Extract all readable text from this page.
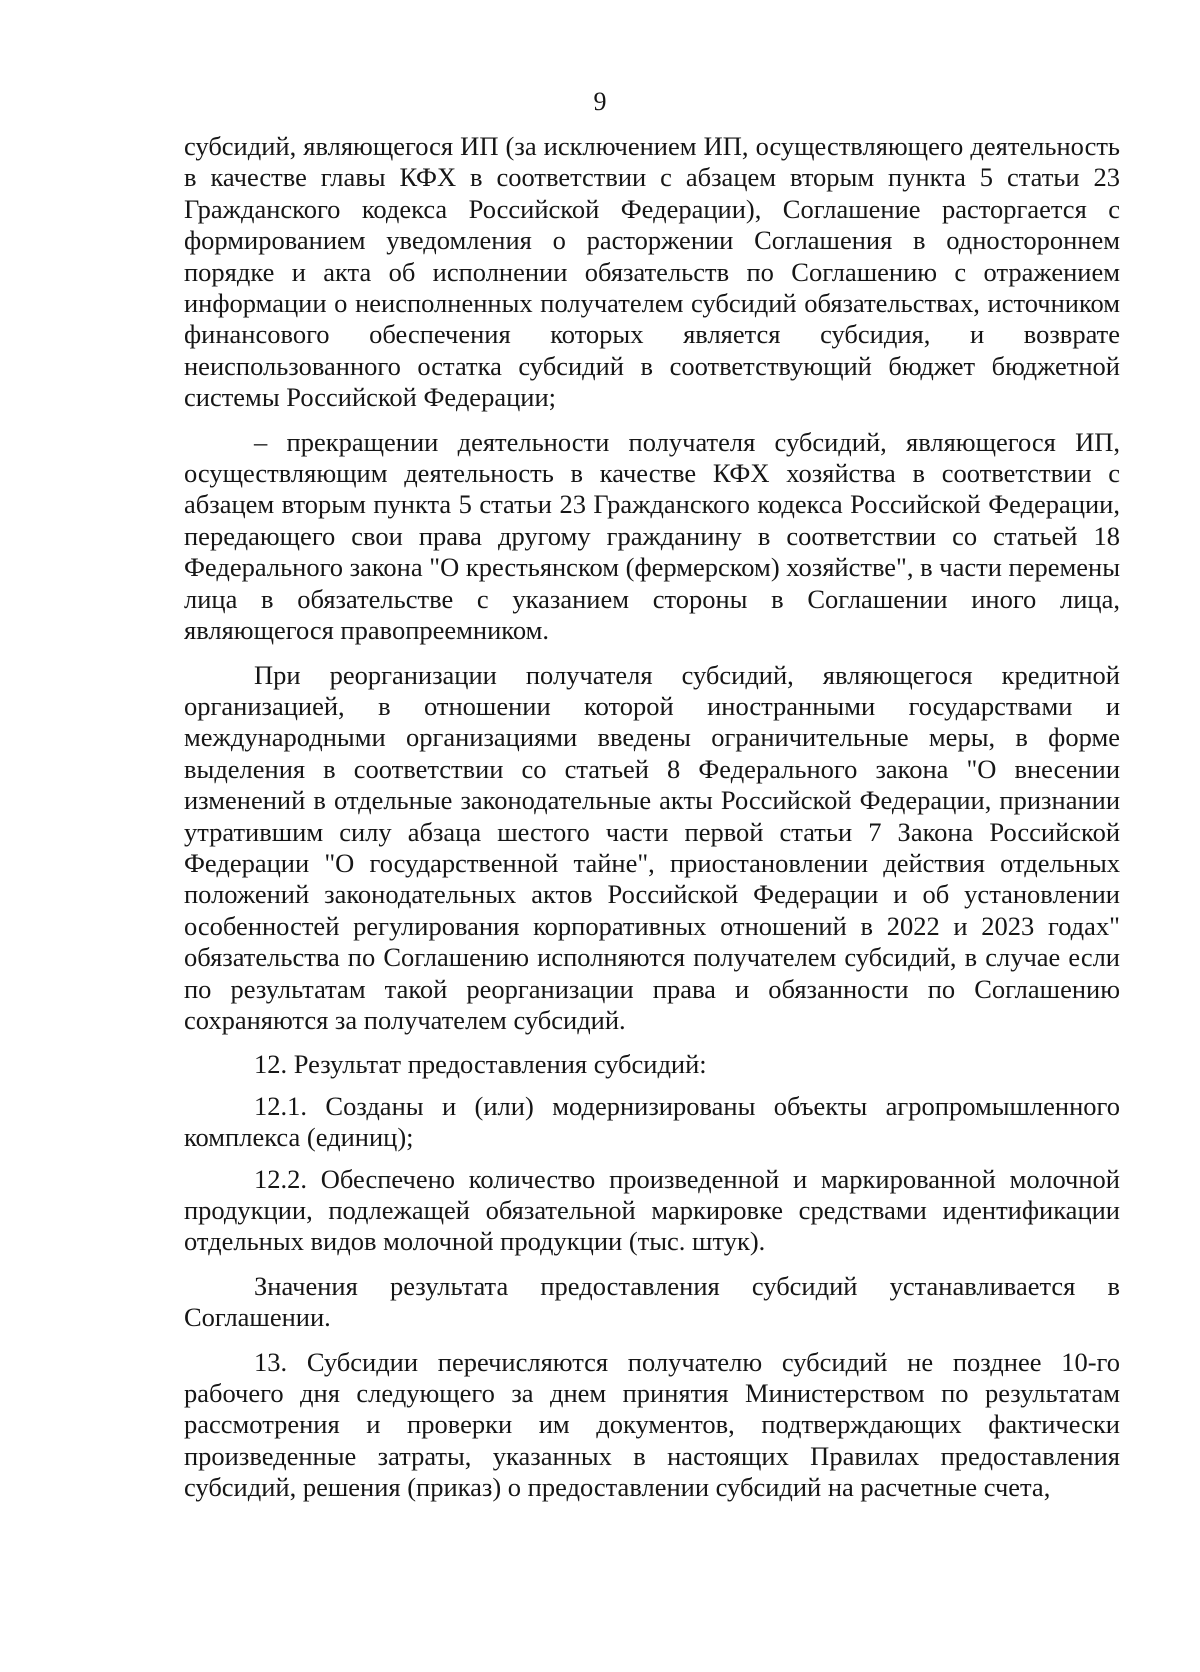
9

субсидий, являющегося ИП (за исключением ИП, осуществляющего деятельность в качестве главы КФХ в соответствии с абзацем вторым пункта 5 статьи 23 Гражданского кодекса Российской Федерации), Соглашение расторгается с формированием уведомления о расторжении Соглашения в одностороннем порядке и акта об исполнении обязательств по Соглашению с отражением информации о неисполненных получателем субсидий обязательствах, источником финансового обеспечения которых является субсидия, и возврате неиспользованного остатка субсидий в соответствующий бюджет бюджетной системы Российской Федерации;

– прекращении деятельности получателя субсидий, являющегося ИП, осуществляющим деятельность в качестве КФХ хозяйства в соответствии с абзацем вторым пункта 5 статьи 23 Гражданского кодекса Российской Федерации, передающего свои права другому гражданину в соответствии со статьей 18 Федерального закона "О крестьянском (фермерском) хозяйстве", в части перемены лица в обязательстве с указанием стороны в Соглашении иного лица, являющегося правопреемником.

При реорганизации получателя субсидий, являющегося кредитной организацией, в отношении которой иностранными государствами и международными организациями введены ограничительные меры, в форме выделения в соответствии со статьей 8 Федерального закона "О внесении изменений в отдельные законодательные акты Российской Федерации, признании утратившим силу абзаца шестого части первой статьи 7 Закона Российской Федерации "О государственной тайне", приостановлении действия отдельных положений законодательных актов Российской Федерации и об установлении особенностей регулирования корпоративных отношений в 2022 и 2023 годах" обязательства по Соглашению исполняются получателем субсидий, в случае если по результатам такой реорганизации права и обязанности по Соглашению сохраняются за получателем субсидий.

12. Результат предоставления субсидий:

12.1. Созданы и (или) модернизированы объекты агропромышленного комплекса (единиц);

12.2. Обеспечено количество произведенной и маркированной молочной продукции, подлежащей обязательной маркировке средствами идентификации отдельных видов молочной продукции (тыс. штук).

Значения результата предоставления субсидий устанавливается в Соглашении.

13. Субсидии перечисляются получателю субсидий не позднее 10-го рабочего дня следующего за днем принятия Министерством по результатам рассмотрения и проверки им документов, подтверждающих фактически произведенные затраты, указанных в настоящих Правилах предоставления субсидий, решения (приказ) о предоставлении субсидий на расчетные счета,
